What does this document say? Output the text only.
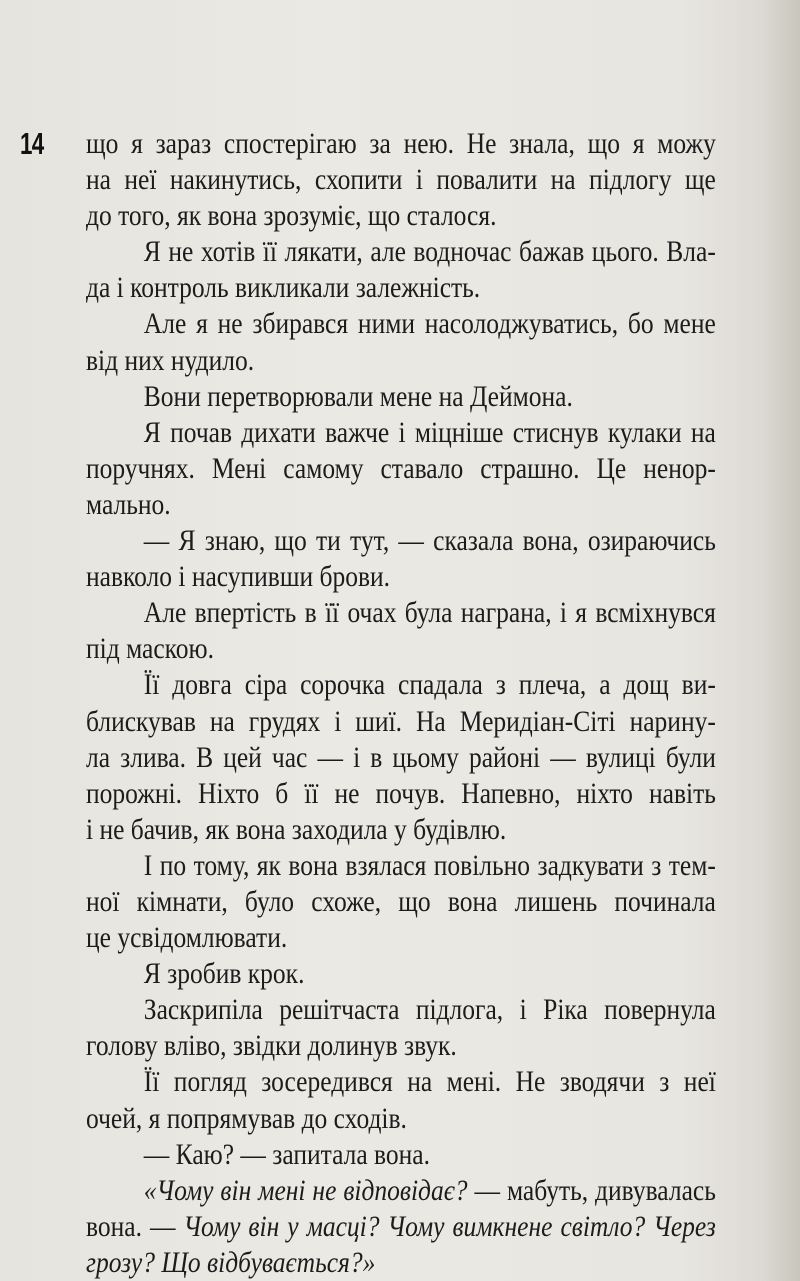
14 що я зараз спостерігаю за нею. Не знала, що я можу
на неї накинутись, схопити і повалити на підлогу ще
до того, як вона зрозуміє, що сталося.
Я не хотів її лякати, але водночас бажав цього. Вла-
да і контроль викликали залежність.
Але я не збирався ними насолоджуватись, бо мене
від них нудило.
Вони перетворювали мене на Деймона.
Я почав дихати важче і міцніше стиснув кулаки на
поручнях. Мені самому ставало страшно. Це ненор-
мально.
— Я знаю, що ти тут, — сказала вона, озираючись
навколо і насупивши брови.
Але впертість в її очах була награна, і я всміхнувся
під маскою.
Її довга сіра сорочка спадала з плеча, а дощ ви-
блискував на грудях і шиї. На Меридіан-Сіті нарину-
ла злива. В цей час — і в цьому районі — вулиці були
порожні. Ніхто б її не почув. Напевно, ніхто навіть
і не бачив, як вона заходила у будівлю.
І по тому, як вона взялася повільно задкувати з тем-
ної кімнати, було схоже, що вона лишень починала
це усвідомлювати.
Я зробив крок.
Заскрипіла решітчаста підлога, і Ріка повернула
голову вліво, звідки долинув звук.
Її погляд зосередився на мені. Не зводячи з неї
очей, я попрямував до сходів.
— Каю? — запитала вона.
«Чому він мені не відповідає? — мабуть, дивувалась
вона. — Чому він у масці? Чому вимкнене світло? Через
грозу? Що відбувається?»
